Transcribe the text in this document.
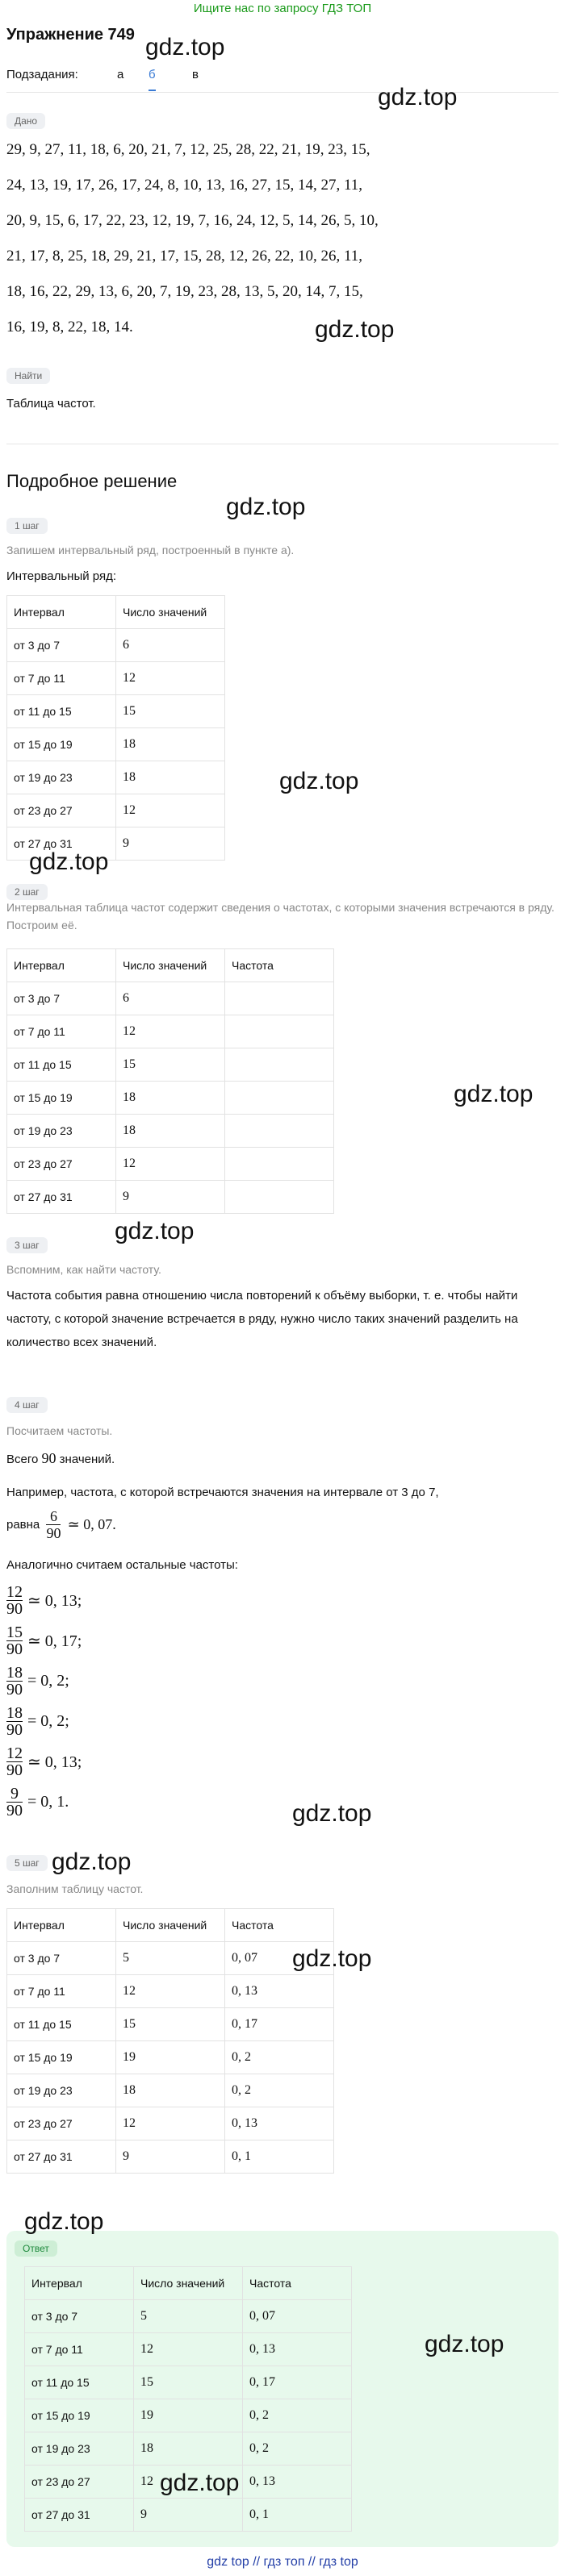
Ищите нас по запросу ГДЗ ТОП
Упражнение 749
Подзадания:	а б	в
Дано
29, 9, 27, 11, 18, 6, 20, 21, 7, 12, 25, 28, 22, 21, 19, 23, 15,
24, 13, 19, 17, 26, 17, 24, 8, 10, 13, 16, 27, 15, 14, 27, 11,
20, 9, 15, 6, 17, 22, 23, 12, 19, 7, 16, 24, 12, 5, 14, 26, 5, 10,
21, 17, 8, 25, 18, 29, 21, 17, 15, 28, 12, 26, 22, 10, 26, 11,
18, 16, 22, 29, 13, 6, 20, 7, 19, 23, 28, 13, 5, 20, 14, 7, 15,
16, 19, 8, 22, 18, 14.
Найти
Таблица частот.
Подробное решение
1 шаг
Запишем интервальный ряд, построенный в пункте а).
Интервальный ряд:
Интервал	Число значений
от 3 до 7	6
от 7 до 11	12
от 11 до 15	15
от 15 до 19	18
от 19 до 23	18
от 23 до 27	12
от 27 до 31	9
2 шаг
Интервальная таблица частот содержит сведения о частотах, с которыми значения встречаются в ряду. Построим её.
Интервал	Число значений	Частота
от 3 до 7	6	
от 7 до 11	12	
от 11 до 15	15	
от 15 до 19	18	
от 19 до 23	18	
от 23 до 27	12	
от 27 до 31	9	
3 шаг
Вспомним, как найти частоту.
Частота события равна отношению числа повторений к объёму выборки, т. е. чтобы найти частоту, с которой значение встречается в ряду, нужно число таких значений разделить на количество всех значений.
4 шаг
Посчитаем частоты.
Всего 90 значений.
Например, частота, с которой встречаются значения на интервале от 3 до 7,
равна $\frac{6}{90}$ ≃ 0, 07.
Аналогично считаем остальные частоты:
$\frac{12}{90}$ ≃ 0, 13;
$\frac{15}{90}$ ≃ 0, 17;
$\frac{18}{90} = 0$, 2;
$\frac{18}{90} = 0$, 2;
$\frac{12}{90}$ ≃ 0, 13;
$\frac{9}{90} = 0$, 1.
5 шаг
Заполним таблицу частот.
Интервал	Число значений	Частота
от 3 до 7	5	0, 07
от 7 до 11	12	0, 13
от 11 до 15	15	0, 17
от 15 до 19	19	0, 2
от 19 до 23	18	0, 2
от 23 до 27	12	0, 13
от 27 до 31	9	0, 1
Ответ
Интервал	Число значений	Частота
от 3 до 7	5	0, 07
от 7 до 11	12	0, 13
от 11 до 15	15	0, 17
от 15 до 19	19	0, 2
от 19 до 23	18	0, 2
от 23 до 27	12	0, 13
от 27 до 31	9	0, 1
gdz.top
gdz.top
gdz.top
gdz.top
gdz.top
gdz.top
gdz.top
gdz.top
gdz.top
gdz.top
gdz.top
gdz.top
gdz.top
gdz.top
gdz top // гдз топ // гдз top
